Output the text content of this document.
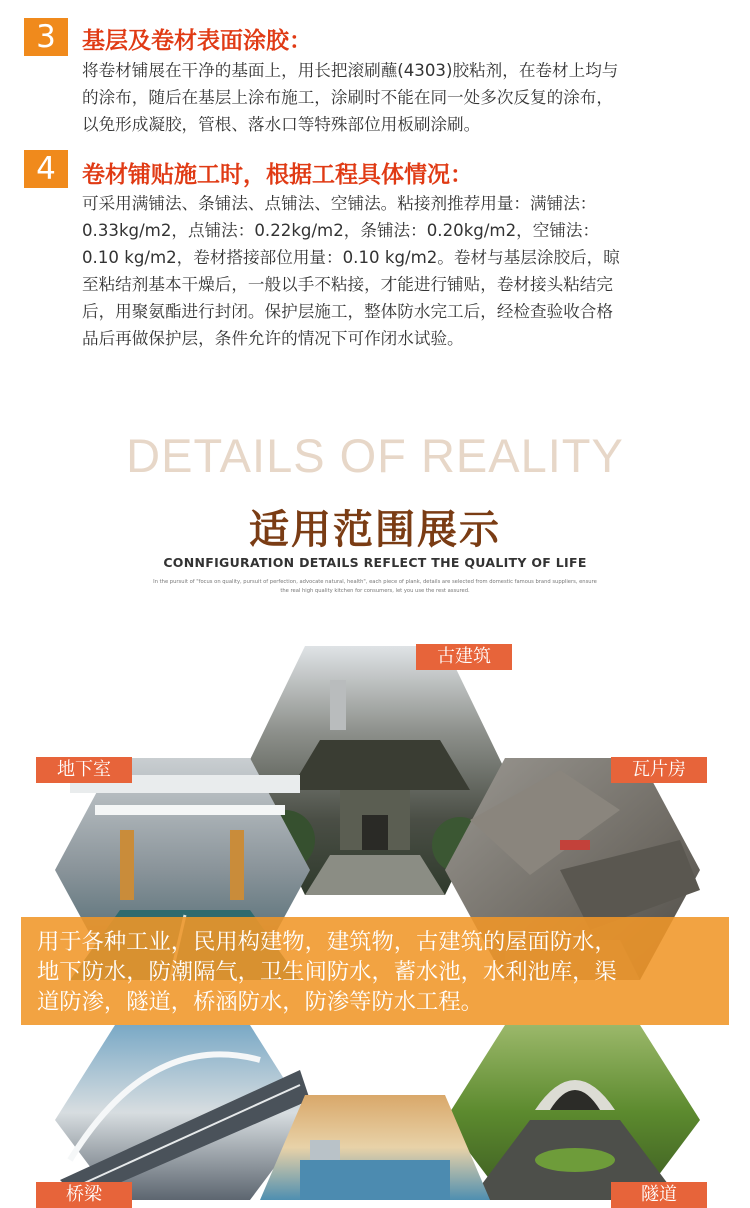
3	基层及卷材表面涂胶：
将卷材铺展在干净的基面上，用长把滚刷蘸(4303)胶粘剂，在卷材上均与
的涂布，随后在基层上涂布施工，涂刷时不能在同一处多次反复的涂布，
以免形成凝胶，管根、落水口等特殊部位用板刷涂刷。
4	卷材铺贴施工时，根据工程具体情况：
可采用满铺法、条铺法、点铺法、空铺法。粘接剂推荐用量：满铺法：
0.33kg/m2，点铺法：0.22kg/m2，条铺法：0.20kg/m2，空铺法：
0.10 kg/m2，卷材搭接部位用量：0.10 kg/m2。卷材与基层涂胶后，晾
至粘结剂基本干燥后，一般以手不粘接，才能进行铺贴，卷材接头粘结完
后，用聚氨酯进行封闭。保护层施工，整体防水完工后，经检查验收合格
品后再做保护层，条件允许的情况下可作闭水试验。
DETAILS OF REALITY
适用范围展示
CONNFIGURATION DETAILS REFLECT THE QUALITY OF LIFE
In the pursuit of "focus on quality, pursuit of perfection, advocate natural, health", each piece of plank, details are selected from domestic famous brand suppliers, ensure
the real high quality kitchen for consumers, let you use the rest assured.
古建筑
地下室	瓦片房
桥梁	隧道
用于各种工业，民用构建物，建筑物，古建筑的屋面防水，
地下防水，防潮隔气，卫生间防水，蓄水池，水利池库，渠
道防渗，隧道，桥涵防水，防渗等防水工程。
